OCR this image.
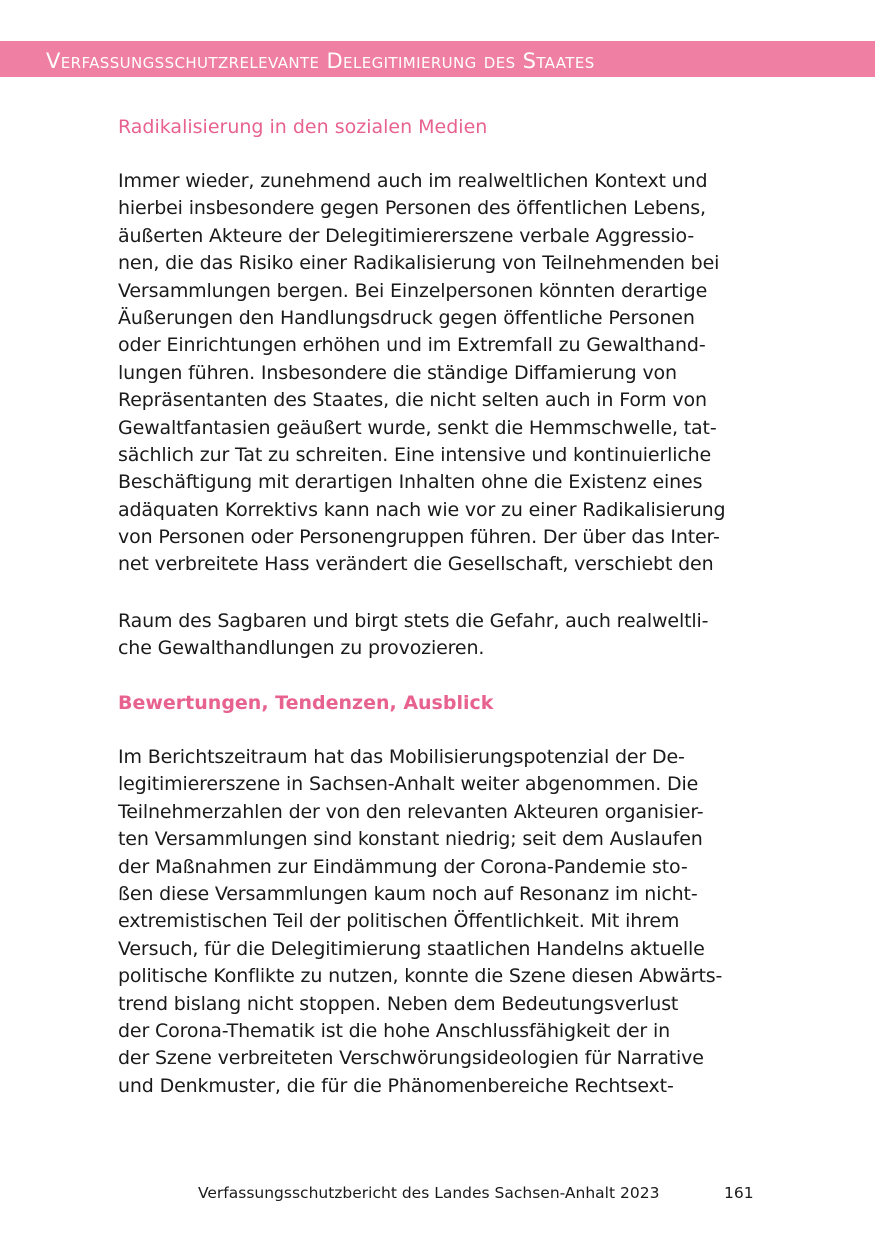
Verfassungsschutzrelevante Delegitimierung des Staates
Radikalisierung in den sozialen Medien

Immer wieder, zunehmend auch im realweltlichen Kontext und
hierbei insbesondere gegen Personen des öffentlichen Lebens,
äußerten Akteure der Delegitimiererszene verbale Aggressio-
nen, die das Risiko einer Radikalisierung von Teilnehmenden bei
Versammlungen bergen. Bei Einzelpersonen könnten derartige
Äußerungen den Handlungsdruck gegen öffentliche Personen
oder Einrichtungen erhöhen und im Extremfall zu Gewalthand-
lungen führen. Insbesondere die ständige Diffamierung von
Repräsentanten des Staates, die nicht selten auch in Form von
Gewaltfantasien geäußert wurde, senkt die Hemmschwelle, tat-
sächlich zur Tat zu schreiten. Eine intensive und kontinuierliche
Beschäftigung mit derartigen Inhalten ohne die Existenz eines
adäquaten Korrektivs kann nach wie vor zu einer Radikalisierung
von Personen oder Personengruppen führen. Der über das Inter-
net verbreitete Hass verändert die Gesellschaft, verschiebt den

Raum des Sagbaren und birgt stets die Gefahr, auch realweltli-
che Gewalthandlungen zu provozieren.

Bewertungen, Tendenzen, Ausblick

Im Berichtszeitraum hat das Mobilisierungspotenzial der De-
legitimiererszene in Sachsen-Anhalt weiter abgenommen. Die
Teilnehmerzahlen der von den relevanten Akteuren organisier-
ten Versammlungen sind konstant niedrig; seit dem Auslaufen
der Maßnahmen zur Eindämmung der Corona-Pandemie sto-
ßen diese Versammlungen kaum noch auf Resonanz im nicht-
extremistischen Teil der politischen Öffentlichkeit. Mit ihrem
Versuch, für die Delegitimierung staatlichen Handelns aktuelle
politische Konflikte zu nutzen, konnte die Szene diesen Abwärts-
trend bislang nicht stoppen. Neben dem Bedeutungsverlust
der Corona-Thematik ist die hohe Anschlussfähigkeit der in
der Szene verbreiteten Verschwörungsideologien für Narrative
und Denkmuster, die für die Phänomenbereiche Rechtsext-

Verfassungsschutzbericht des Landes Sachsen-Anhalt 2023	161
